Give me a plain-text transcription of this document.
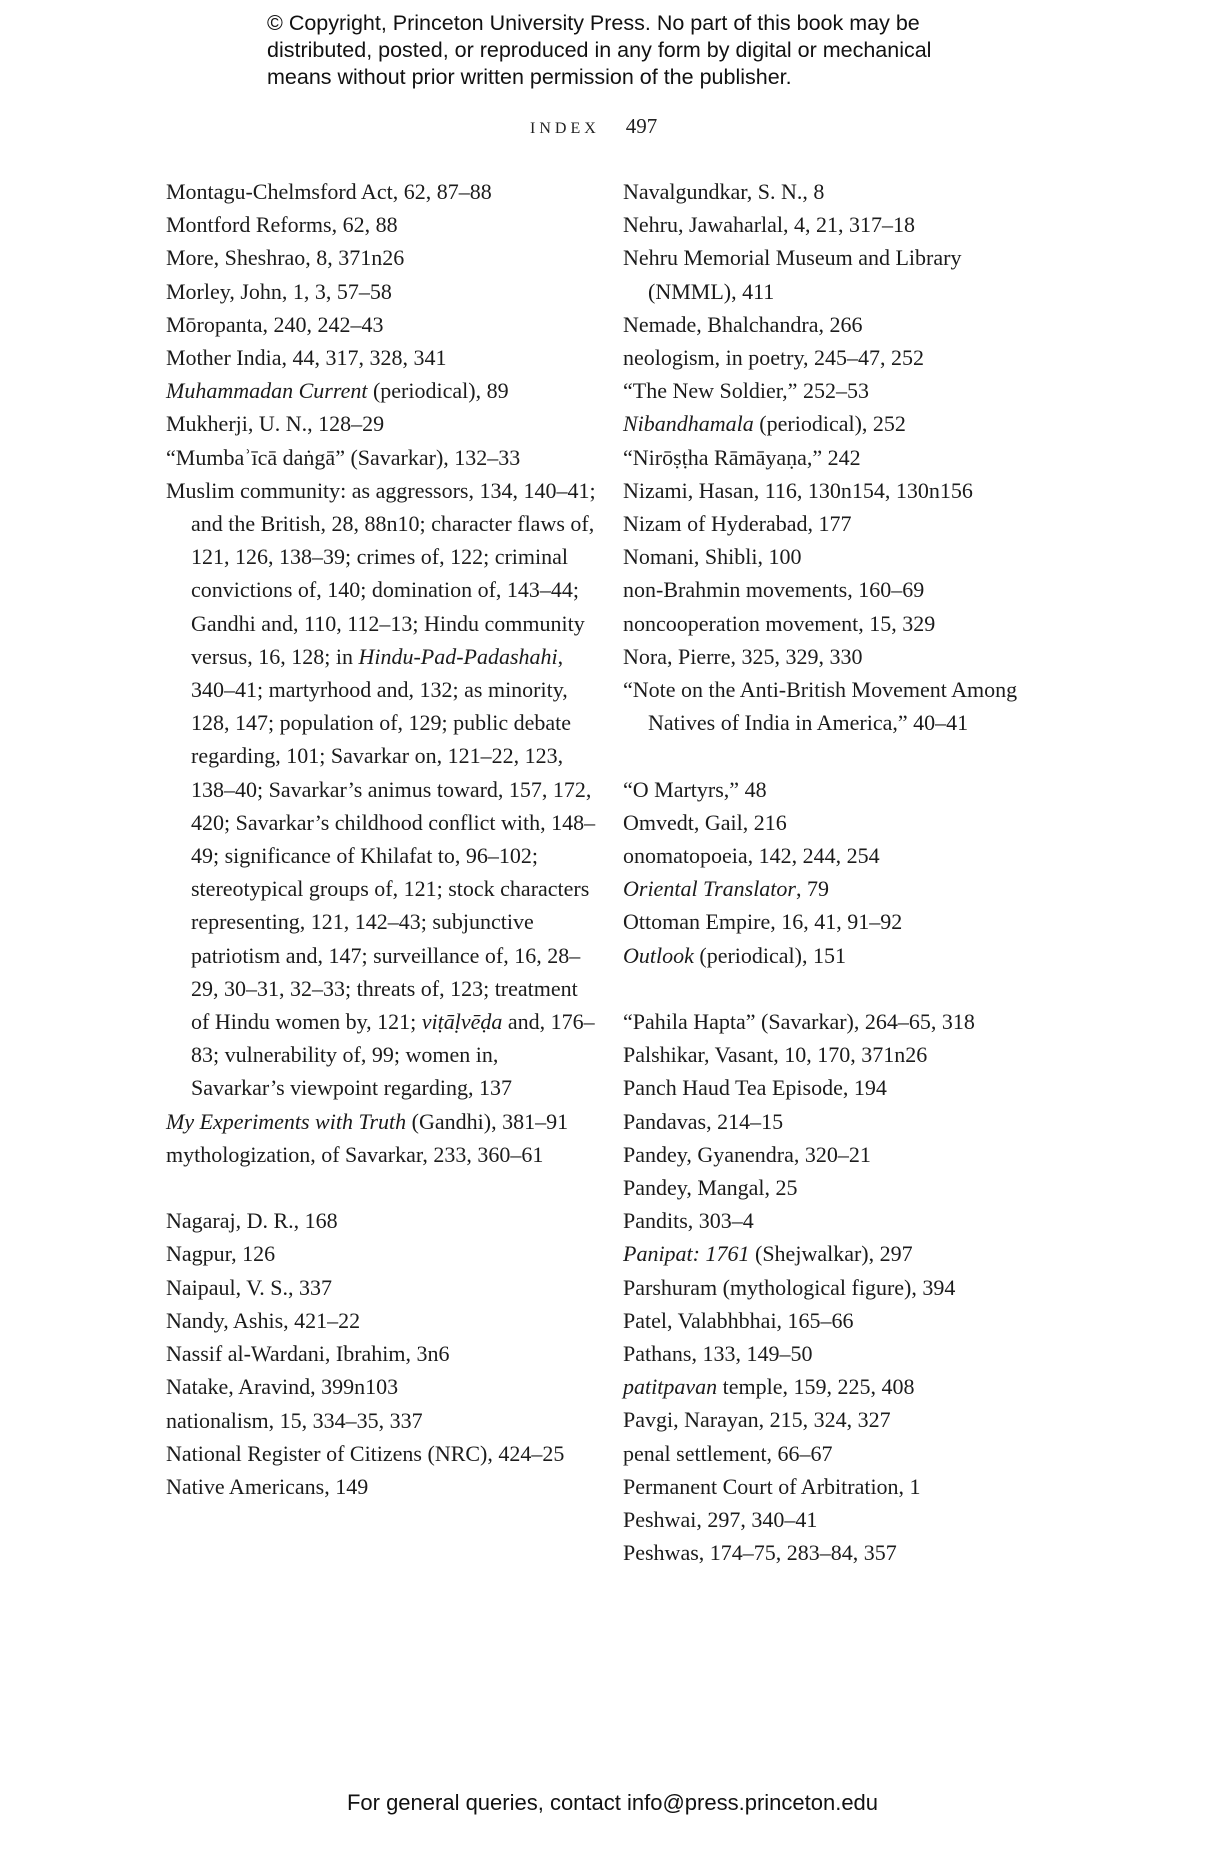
© Copyright, Princeton University Press. No part of this book may be
distributed, posted, or reproduced in any form by digital or mechanical
means without prior written permission of the publisher.
INDEX 497

Montagu-Chelmsford Act, 62, 87–88

Montford Reforms, 62, 88

More, Sheshrao, 8, 371n26

Morley, John, 1, 3, 57–58

Mōropanta, 240, 242–43

Mother India, 44, 317, 328, 341

Muhammadan Current (periodical), 89

Mukherji, U. N., 128–29

“Mumbaʾīcā daṅgā” (Savarkar), 132–33

Muslim community: as aggressors, 134, 140–41; and the British, 28, 88n10; character flaws of, 121, 126, 138–39; crimes of, 122; criminal convictions of, 140; domination of, 143–44; Gandhi and, 110, 112–13; Hindu community versus, 16, 128; in Hindu-Pad-Padashahi, 340–41; martyrhood and, 132; as minority, 128, 147; population of, 129; public debate regarding, 101; Savarkar on, 121–22, 123, 138–40; Savarkar’s animus toward, 157, 172, 420; Savarkar’s childhood conflict with, 148–49; significance of Khilafat to, 96–102; stereotypical groups of, 121; stock characters representing, 121, 142–43; subjunctive patriotism and, 147; surveillance of, 16, 28–29, 30–31, 32–33; threats of, 123; treatment of Hindu women by, 121; viṭāḷvēḍa and, 176–83; vulnerability of, 99; women in, Savarkar’s viewpoint regarding, 137

My Experiments with Truth (Gandhi), 381–91

mythologization, of Savarkar, 233, 360–61

Nagaraj, D. R., 168

Nagpur, 126

Naipaul, V. S., 337

Nandy, Ashis, 421–22

Nassif al-Wardani, Ibrahim, 3n6

Natake, Aravind, 399n103

nationalism, 15, 334–35, 337

National Register of Citizens (NRC), 424–25

Native Americans, 149

Navalgundkar, S. N., 8

Nehru, Jawaharlal, 4, 21, 317–18

Nehru Memorial Museum and Library (NMML), 411

Nemade, Bhalchandra, 266

neologism, in poetry, 245–47, 252

“The New Soldier,” 252–53

Nibandhamala (periodical), 252

“Nirōṣṭha Rāmāyaṇa,” 242

Nizami, Hasan, 116, 130n154, 130n156

Nizam of Hyderabad, 177

Nomani, Shibli, 100

non-Brahmin movements, 160–69

noncooperation movement, 15, 329

Nora, Pierre, 325, 329, 330

“Note on the Anti-British Movement Among Natives of India in America,” 40–41

“O Martyrs,” 48

Omvedt, Gail, 216

onomatopoeia, 142, 244, 254

Oriental Translator, 79

Ottoman Empire, 16, 41, 91–92

Outlook (periodical), 151

“Pahila Hapta” (Savarkar), 264–65, 318

Palshikar, Vasant, 10, 170, 371n26

Panch Haud Tea Episode, 194

Pandavas, 214–15

Pandey, Gyanendra, 320–21

Pandey, Mangal, 25

Pandits, 303–4

Panipat: 1761 (Shejwalkar), 297

Parshuram (mythological figure), 394

Patel, Valabhbhai, 165–66

Pathans, 133, 149–50

patitpavan temple, 159, 225, 408

Pavgi, Narayan, 215, 324, 327

penal settlement, 66–67

Permanent Court of Arbitration, 1

Peshwai, 297, 340–41

Peshwas, 174–75, 283–84, 357

For general queries, contact info@press.princeton.edu
